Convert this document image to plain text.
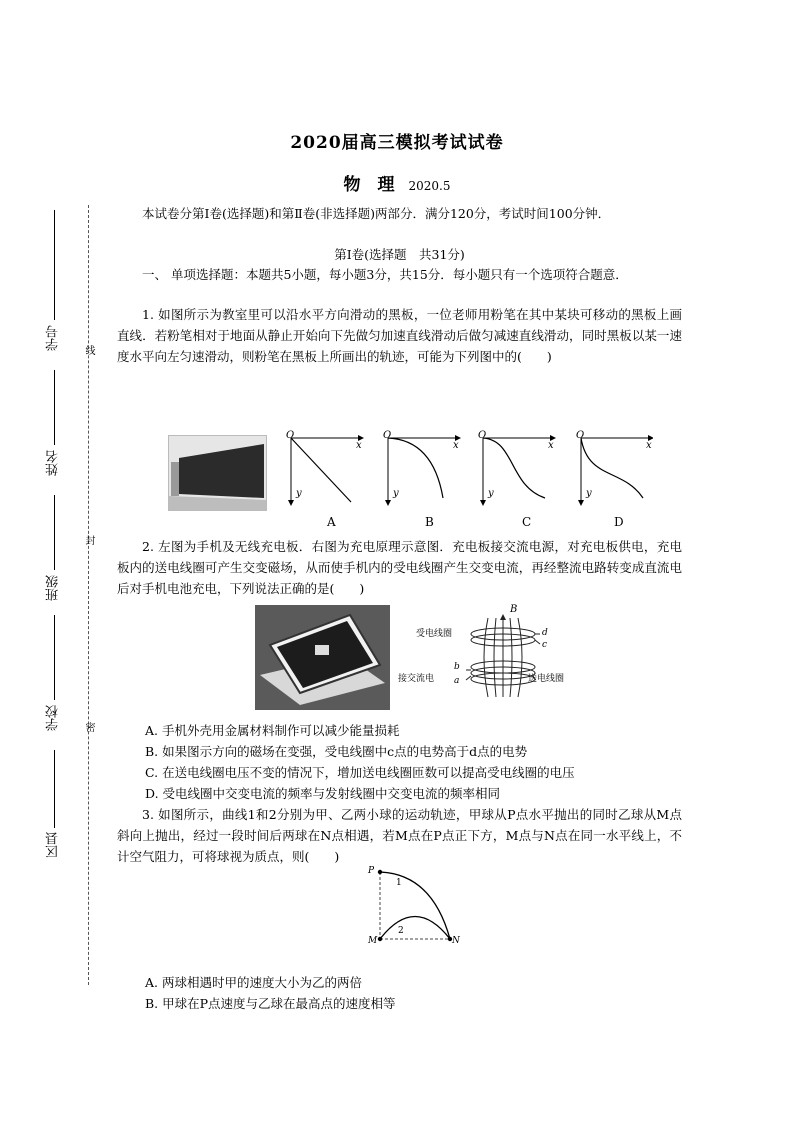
2020届高三模拟考试试卷
物　理 2020.5
本试卷分第Ⅰ卷(选择题)和第Ⅱ卷(非选择题)两部分．满分120分，考试时间100分钟．
第Ⅰ卷(选择题　共31分)
一、 单项选择题：本题共5小题，每小题3分，共15分．每小题只有一个选项符合题意．
学号
姓名
班级
学校
区县
线
封
密
1. 如图所示为教室里可以沿水平方向滑动的黑板，一位老师用粉笔在其中某块可移动的黑板上画直线．若粉笔相对于地面从静止开始向下先做匀加速直线滑动后做匀减速直线滑动，同时黑板以某一速度水平向左匀速滑动，则粉笔在黑板上所画出的轨迹，可能为下列图中的(　　)
O
x
y
A
O
x
y
B
O
x
y
C
O
x
y
D
2. 左图为手机及无线充电板．右图为充电原理示意图．充电板接交流电源，对充电板供电，充电板内的送电线圈可产生交变磁场，从而使手机内的受电线圈产生交变电流，再经整流电路转变成直流电后对手机电池充电，下列说法正确的是(　　)
B
受电线圈
接交流电	送电线圈
d
c
b
a
A. 手机外壳用金属材料制作可以减少能量损耗
B. 如果图示方向的磁场在变强，受电线圈中c点的电势高于d点的电势
C. 在送电线圈电压不变的情况下，增加送电线圈匝数可以提高受电线圈的电压
D. 受电线圈中交变电流的频率与发射线圈中交变电流的频率相同
3. 如图所示，曲线1和2分别为甲、乙两小球的运动轨迹，甲球从P点水平抛出的同时乙球从M点斜向上抛出，经过一段时间后两球在N点相遇，若M点在P点正下方，M点与N点在同一水平线上，不计空气阻力，可将球视为质点，则(　　)
P
M	N
1
2
A. 两球相遇时甲的速度大小为乙的两倍
B. 甲球在P点速度与乙球在最高点的速度相等
